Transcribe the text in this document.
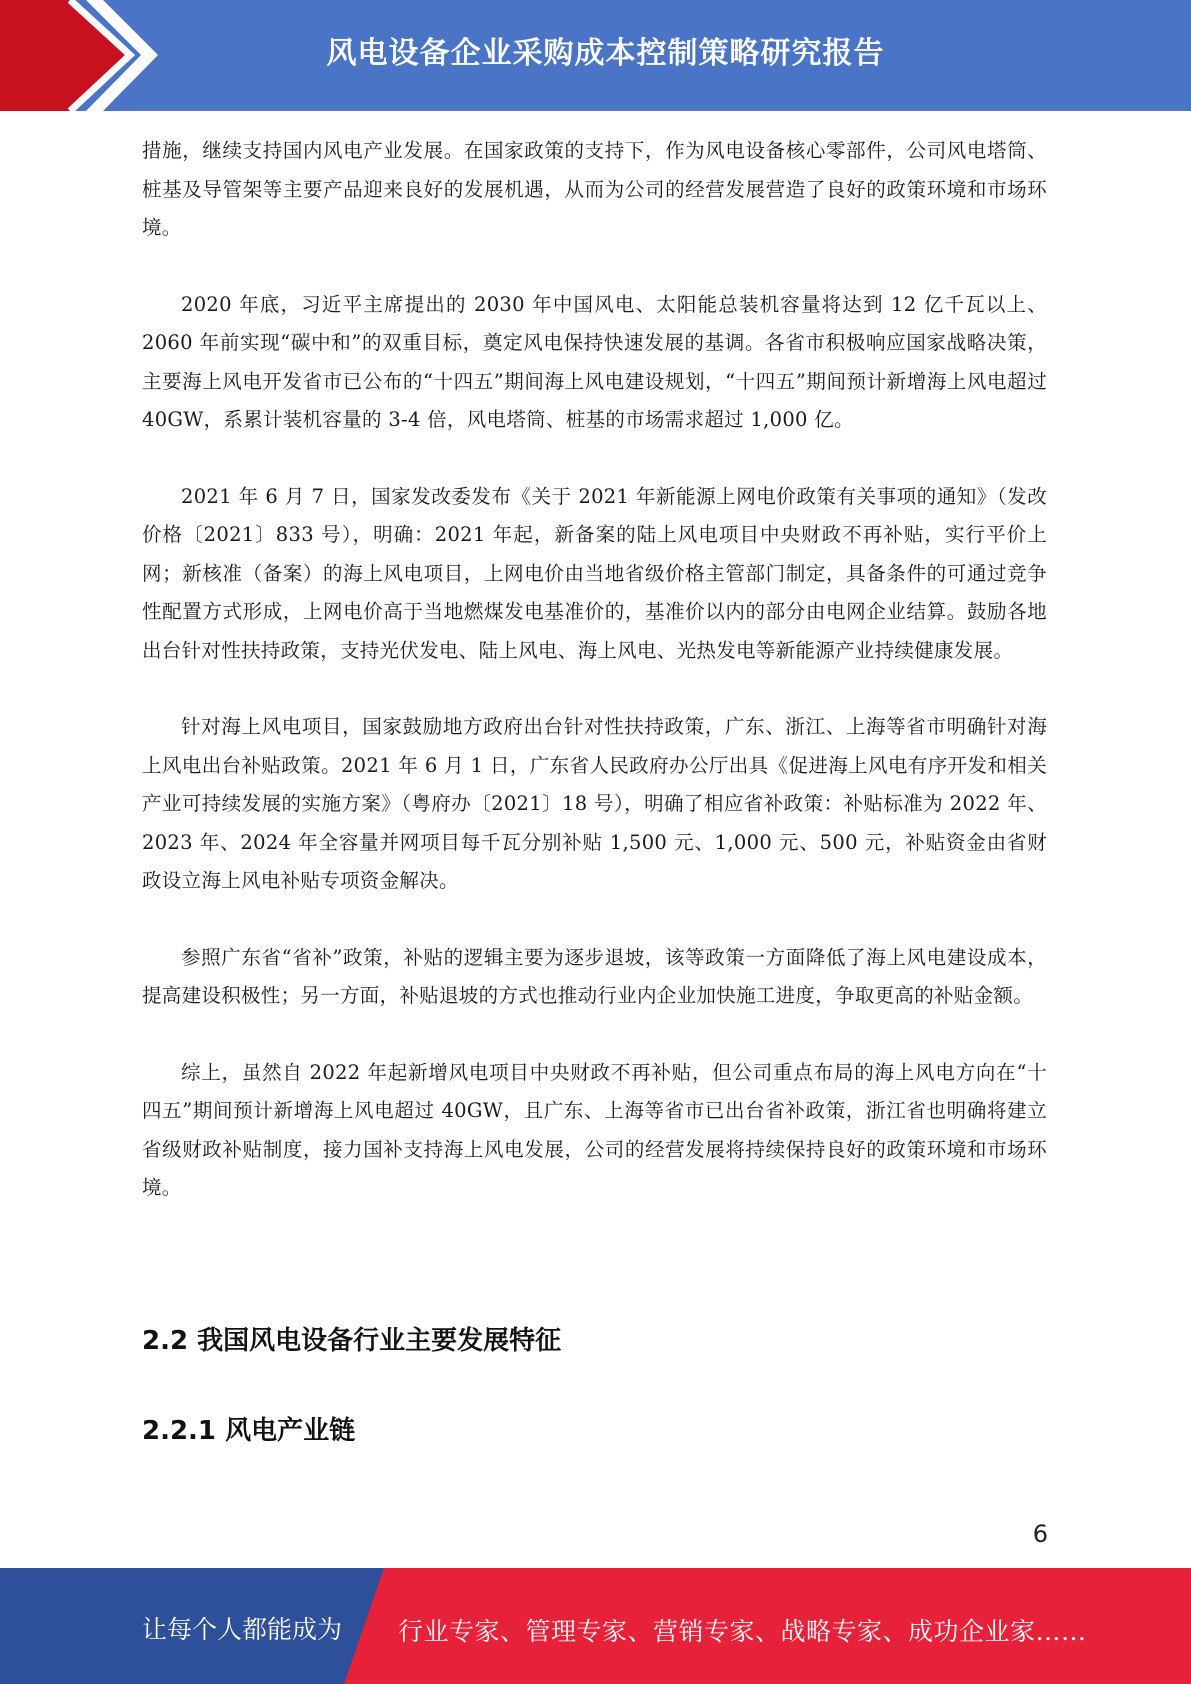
风电设备企业采购成本控制策略研究报告

措施，继续支持国内风电产业发展。在国家政策的支持下，作为风电设备核心零部件，公司风电塔筒、桩基及导管架等主要产品迎来良好的发展机遇，从而为公司的经营发展营造了良好的政策环境和市场环境。

2020 年底，习近平主席提出的 2030 年中国风电、太阳能总装机容量将达到 12 亿千瓦以上、2060 年前实现“碳中和”的双重目标，奠定风电保持快速发展的基调。各省市积极响应国家战略决策，主要海上风电开发省市已公布的“十四五”期间海上风电建设规划，“十四五”期间预计新增海上风电超过 40GW，系累计装机容量的 3-4 倍，风电塔筒、桩基的市场需求超过 1,000 亿。

2021 年 6 月 7 日，国家发改委发布《关于 2021 年新能源上网电价政策有关事项的通知》（发改价格〔2021〕833 号），明确：2021 年起，新备案的陆上风电项目中央财政不再补贴，实行平价上网；新核准（备案）的海上风电项目，上网电价由当地省级价格主管部门制定，具备条件的可通过竞争性配置方式形成，上网电价高于当地燃煤发电基准价的，基准价以内的部分由电网企业结算。鼓励各地出台针对性扶持政策，支持光伏发电、陆上风电、海上风电、光热发电等新能源产业持续健康发展。

针对海上风电项目，国家鼓励地方政府出台针对性扶持政策，广东、浙江、上海等省市明确针对海上风电出台补贴政策。2021 年 6 月 1 日，广东省人民政府办公厅出具《促进海上风电有序开发和相关产业可持续发展的实施方案》（粤府办〔2021〕18 号），明确了相应省补政策：补贴标准为 2022 年、2023 年、2024 年全容量并网项目每千瓦分别补贴 1,500 元、1,000 元、500 元，补贴资金由省财政设立海上风电补贴专项资金解决。

参照广东省“省补”政策，补贴的逻辑主要为逐步退坡，该等政策一方面降低了海上风电建设成本，提高建设积极性；另一方面，补贴退坡的方式也推动行业内企业加快施工进度，争取更高的补贴金额。

综上，虽然自 2022 年起新增风电项目中央财政不再补贴，但公司重点布局的海上风电方向在“十四五”期间预计新增海上风电超过 40GW，且广东、上海等省市已出台省补政策，浙江省也明确将建立省级财政补贴制度，接力国补支持海上风电发展，公司的经营发展将持续保持良好的政策环境和市场环境。

2.2 我国风电设备行业主要发展特征
2.2.1 风电产业链
6
让每个人都能成为 行业专家、管理专家、营销专家、战略专家、成功企业家……
